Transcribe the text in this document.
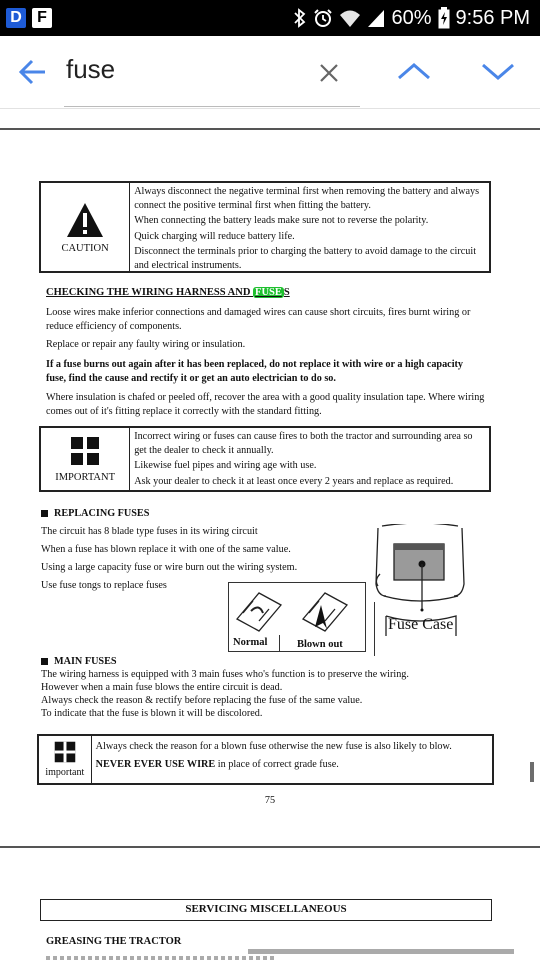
D F	60% 9:56 PM
fuse
CAUTION

Always disconnect the negative terminal first when removing the battery and always connect the positive terminal first when fitting the battery.

When connecting the battery leads make sure not to reverse the polarity.

Quick charging will reduce battery life.

Disconnect the terminals prior to charging the battery to avoid damage to the circuit and electrical instruments.

CHECKING THE WIRING HARNESS AND FUSE S
Loose wires make inferior connections and damaged wires can cause short circuits, fires burnt wiring or reduce efficiency of components.
Replace or repair any faulty wiring or insulation.
If a fuse burns out again after it has been replaced, do not replace it with wire or a high capacity fuse, find the cause and rectify it or get an auto electrician to do so.
Where insulation is chafed or peeled off, recover the area with a good quality insulation tape. Where wiring comes out of it's fitting replace it correctly with the standard fitting.
IMPORTANT

Incorrect wiring or fuses can cause fires to both the tractor and surrounding area so get the dealer to check it annually.

Likewise fuel pipes and wiring age with use.

Ask your dealer to check it at least once every 2 years and replace as required.

REPLACING FUSES
The circuit has 8 blade type fuses in its wiring circuit
When a fuse has blown replace it with one of the same value.
Using a large capacity fuse or wire burn out the wiring system.
Use fuse tongs to replace fuses
Normal	Blown out
Fuse Case
MAIN FUSES
The wiring harness is equipped with 3 main fuses who's function is to preserve the wiring.
However when a main fuse blows the entire circuit is dead.
Always check the reason & rectify before replacing the fuse of the same value.
To indicate that the fuse is blown it will be discolored.
important

Always check the reason for a blown fuse otherwise the new fuse is also likely to blow.

NEVER EVER USE WIRE in place of correct grade fuse.

75
SERVICING MISCELLANEOUS
GREASING THE TRACTOR
